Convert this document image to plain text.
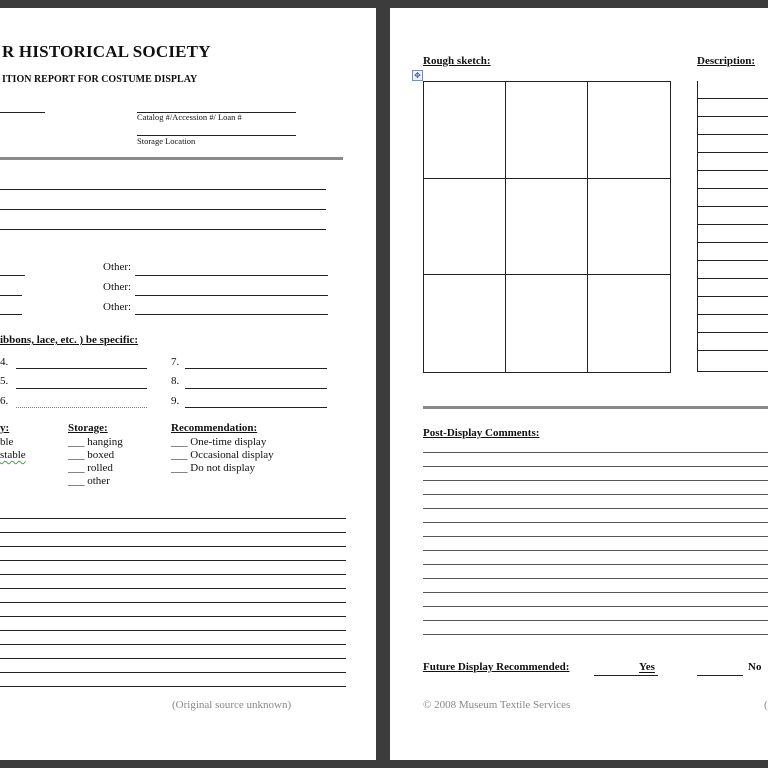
R HISTORICAL SOCIETY
ITION REPORT FOR COSTUME DISPLAY
Catalog #/Accession #/ Loan #
Storage Location
Other:
Other:
Other:
ibbons, lace, etc. ) be specific:
4.	7.
5.	8.
6.	9.
y:
ble
stable
Storage:
___ hanging
___ boxed
___ rolled
___ other
Recommendation:
___ One-time display
___ Occasional display
___ Do not display
(Original source unknown)
Rough sketch:	Description:
✥
Post-Display Comments:
Future Display Recommended:	Yes	No
© 2008 Museum Textile Services	(
